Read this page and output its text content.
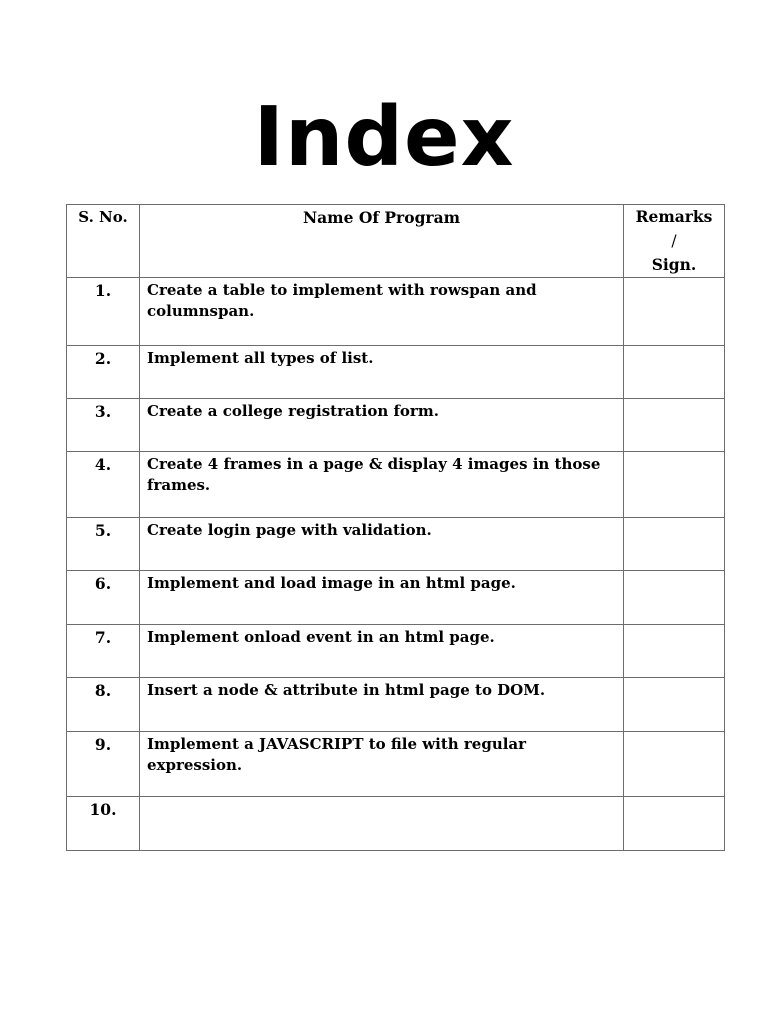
Index
S. No.	Name Of Program	Remarks
/
Sign.

1.	Create a table to implement with rowspan and columnspan.	
2.	Implement all types of list.	
3.	Create a college registration form.	
4.	Create 4 frames in a page & display 4 images in those frames.	
5.	Create login page with validation.	
6.	Implement and load image in an html page.	
7.	Implement onload event in an html page.	
8.	Insert a node & attribute in html page to DOM.	
9.	Implement a JAVASCRIPT to file with regular expression.	
10.		
